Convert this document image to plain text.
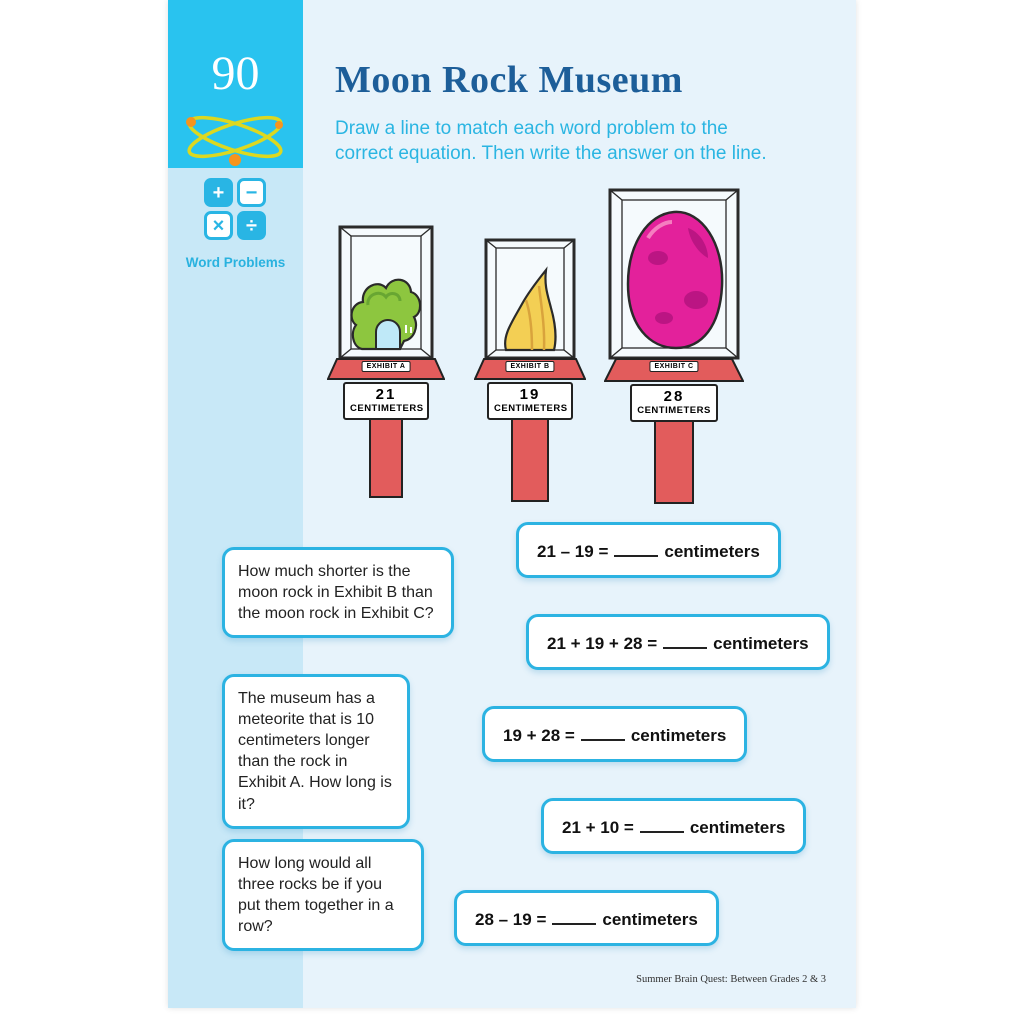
90
+	−
×	÷
Word Problems
Moon Rock Museum
Draw a line to match each word problem to the correct equation. Then write the answer on the line.
EXHIBIT A
21
CENTIMETERS
EXHIBIT B
19
CENTIMETERS
EXHIBIT C
28
CENTIMETERS
How much shorter is the moon rock in Exhibit B than the moon rock in Exhibit C?
The museum has a meteorite that is 10 centimeters longer than the rock in Exhibit A. How long is it?
How long would all three rocks be if you put them together in a row?
21 – 19 =	centimeters
21 + 19 + 28 =	centimeters
19 + 28 =	centimeters
21 + 10 =	centimeters
28 – 19 =	centimeters
Summer Brain Quest: Between Grades 2 & 3
